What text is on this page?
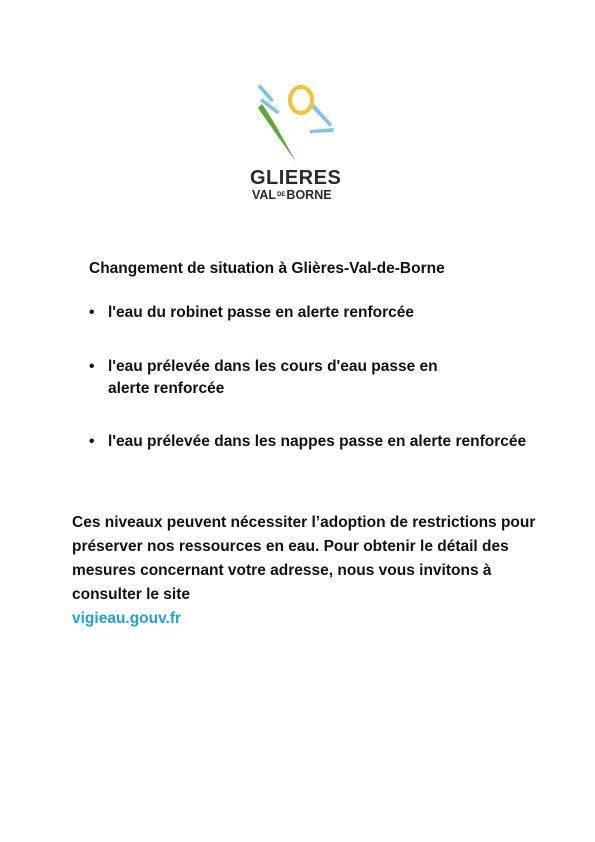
GLIERES
$VAL^{DE}BORNE$
Changement de situation à Glières-Val-de-Borne
• l'eau du robinet passe en alerte renforcée
• l'eau prélevée dans les cours d'eau passe en alerte renforcée
• l'eau prélevée dans les nappes passe en alerte renforcée
Ces niveaux peuvent nécessiter l’adoption de restrictions pour préserver nos ressources en eau. Pour obtenir le détail des mesures concernant votre adresse, nous vous invitons à consulter le site
vigieau.gouv.fr
